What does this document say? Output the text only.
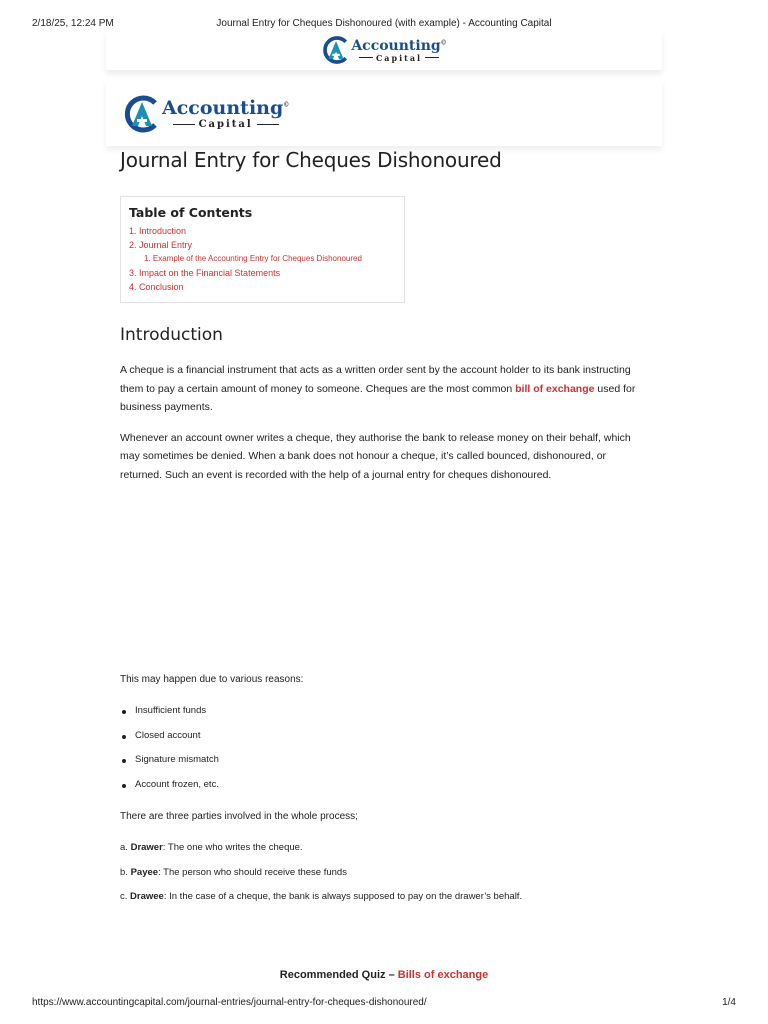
2/18/25, 12:24 PM	Journal Entry for Cheques Dishonoured (with example) - Accounting Capital
Accounting©
Capital
Accounting©
Capital
Journal Entry for Cheques Dishonoured
Table of Contents
1. Introduction
2. Journal Entry
1. Example of the Accounting Entry for Cheques Dishonoured
3. Impact on the Financial Statements
4. Conclusion
Introduction

A cheque is a financial instrument that acts as a written order sent by the account holder to its bank instructing them to pay a certain amount of money to someone. Cheques are the most common bill of exchange used for business payments.

Whenever an account owner writes a cheque, they authorise the bank to release money on their behalf, which may sometimes be denied. When a bank does not honour a cheque, it’s called bounced, dishonoured, or returned. Such an event is recorded with the help of a journal entry for cheques dishonoured.

This may happen due to various reasons:

Insufficient funds
Closed account
Signature mismatch
Account frozen, etc.

There are three parties involved in the whole process;

a. Drawer: The one who writes the cheque.
b. Payee: The person who should receive these funds
c. Drawee: In the case of a cheque, the bank is always supposed to pay on the drawer’s behalf.
Recommended Quiz – Bills of exchange
https://www.accountingcapital.com/journal-entries/journal-entry-for-cheques-dishonoured/	1/4
